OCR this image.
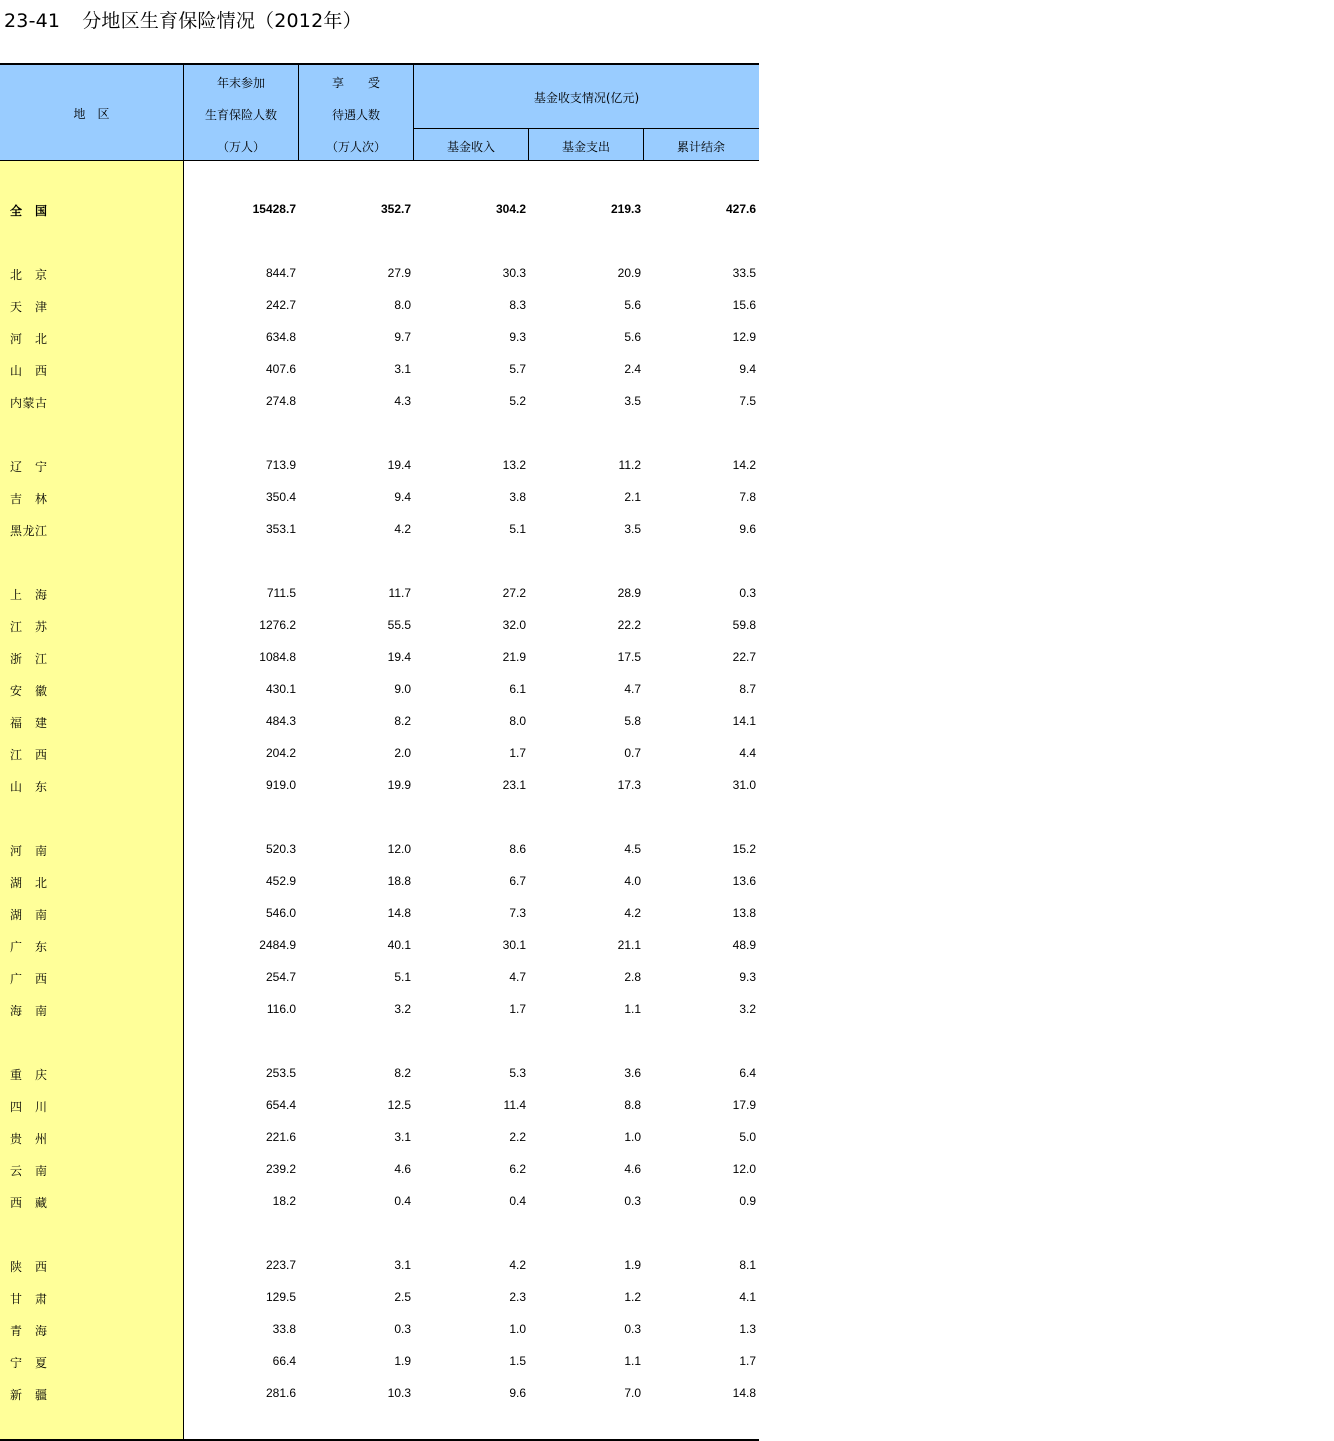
23-41 分地区生育保险情况（2012年）
地　区
年末参加
生育保险人数
（万人）
享　　受
待遇人数
（万人次）
基金收支情况(亿元)
基金收入	基金支出	累计结余
全　国	15428.7	352.7	304.2	219.3	427.6
北　京	844.7	27.9	30.3	20.9	33.5
天　津	242.7	8.0	8.3	5.6	15.6
河　北	634.8	9.7	9.3	5.6	12.9
山　西	407.6	3.1	5.7	2.4	9.4
内蒙古	274.8	4.3	5.2	3.5	7.5
辽　宁	713.9	19.4	13.2	11.2	14.2
吉　林	350.4	9.4	3.8	2.1	7.8
黑龙江	353.1	4.2	5.1	3.5	9.6
上　海	711.5	11.7	27.2	28.9	0.3
江　苏	1276.2	55.5	32.0	22.2	59.8
浙　江	1084.8	19.4	21.9	17.5	22.7
安　徽	430.1	9.0	6.1	4.7	8.7
福　建	484.3	8.2	8.0	5.8	14.1
江　西	204.2	2.0	1.7	0.7	4.4
山　东	919.0	19.9	23.1	17.3	31.0
河　南	520.3	12.0	8.6	4.5	15.2
湖　北	452.9	18.8	6.7	4.0	13.6
湖　南	546.0	14.8	7.3	4.2	13.8
广　东	2484.9	40.1	30.1	21.1	48.9
广　西	254.7	5.1	4.7	2.8	9.3
海　南	116.0	3.2	1.7	1.1	3.2
重　庆	253.5	8.2	5.3	3.6	6.4
四　川	654.4	12.5	11.4	8.8	17.9
贵　州	221.6	3.1	2.2	1.0	5.0
云　南	239.2	4.6	6.2	4.6	12.0
西　藏	18.2	0.4	0.4	0.3	0.9
陕　西	223.7	3.1	4.2	1.9	8.1
甘　肃	129.5	2.5	2.3	1.2	4.1
青　海	33.8	0.3	1.0	0.3	1.3
宁　夏	66.4	1.9	1.5	1.1	1.7
新　疆	281.6	10.3	9.6	7.0	14.8
